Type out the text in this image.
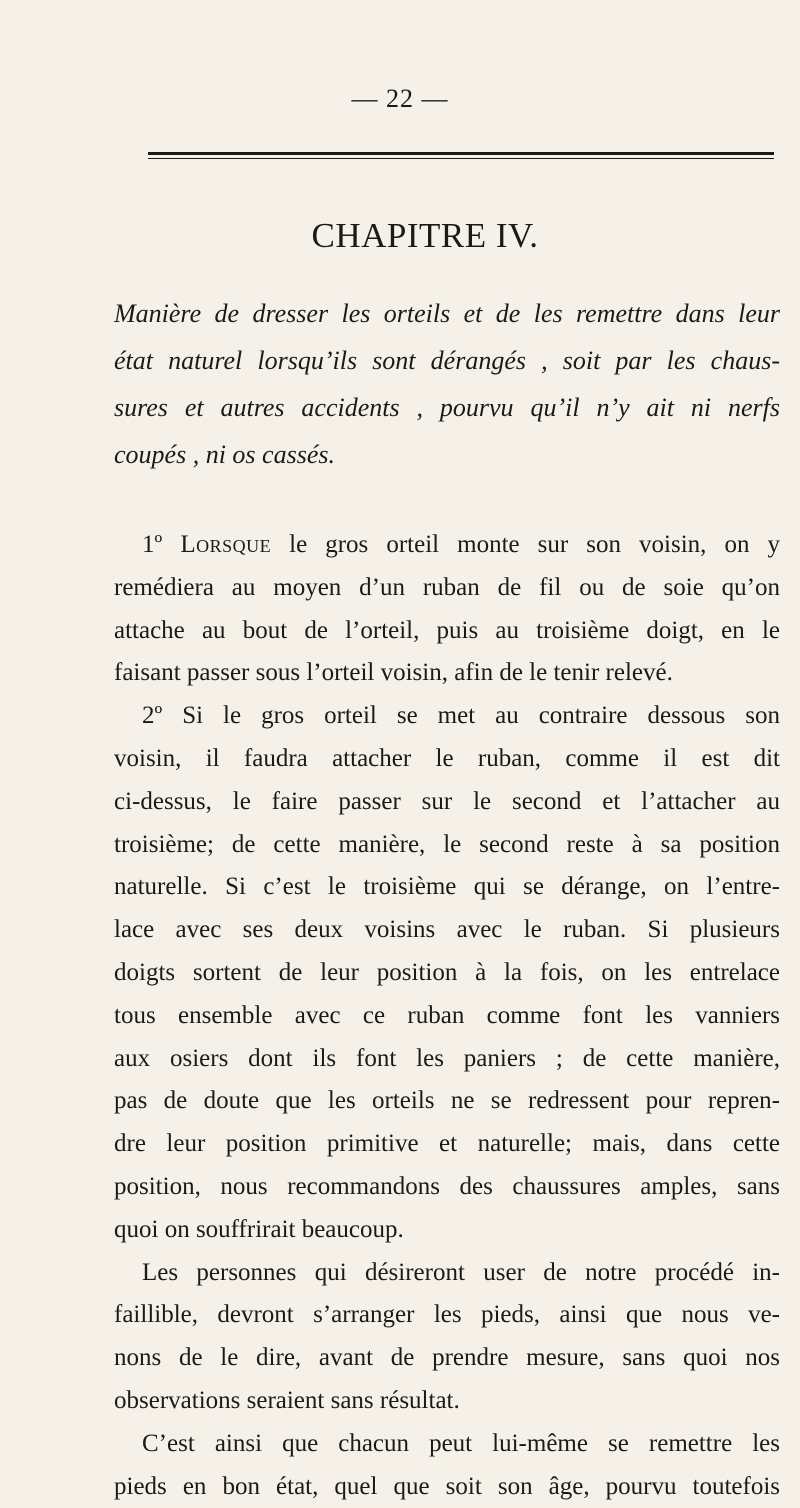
— 22 —
CHAPITRE IV.
Manière de dresser les orteils et de les remettre dans leur
état naturel lorsqu’ils sont dérangés , soit par les chaus-
sures et autres accidents , pourvu qu’il n’y ait ni nerfs
coupés , ni os cassés.
1º Lorsque le gros orteil monte sur son voisin, on y
remédiera au moyen d’un ruban de fil ou de soie qu’on
attache au bout de l’orteil, puis au troisième doigt, en le
faisant passer sous l’orteil voisin, afin de le tenir relevé.
2º Si le gros orteil se met au contraire dessous son
voisin, il faudra attacher le ruban, comme il est dit
ci-dessus, le faire passer sur le second et l’attacher au
troisième; de cette manière, le second reste à sa position
naturelle. Si c’est le troisième qui se dérange, on l’entre-
lace avec ses deux voisins avec le ruban. Si plusieurs
doigts sortent de leur position à la fois, on les entrelace
tous ensemble avec ce ruban comme font les vanniers
aux osiers dont ils font les paniers ; de cette manière,
pas de doute que les orteils ne se redressent pour repren-
dre leur position primitive et naturelle; mais, dans cette
position, nous recommandons des chaussures amples, sans
quoi on souffrirait beaucoup.
Les personnes qui désireront user de notre procédé in-
faillible, devront s’arranger les pieds, ainsi que nous ve-
nons de le dire, avant de prendre mesure, sans quoi nos
observations seraient sans résultat.
C’est ainsi que chacun peut lui-même se remettre les
pieds en bon état, quel que soit son âge, pourvu toutefois
